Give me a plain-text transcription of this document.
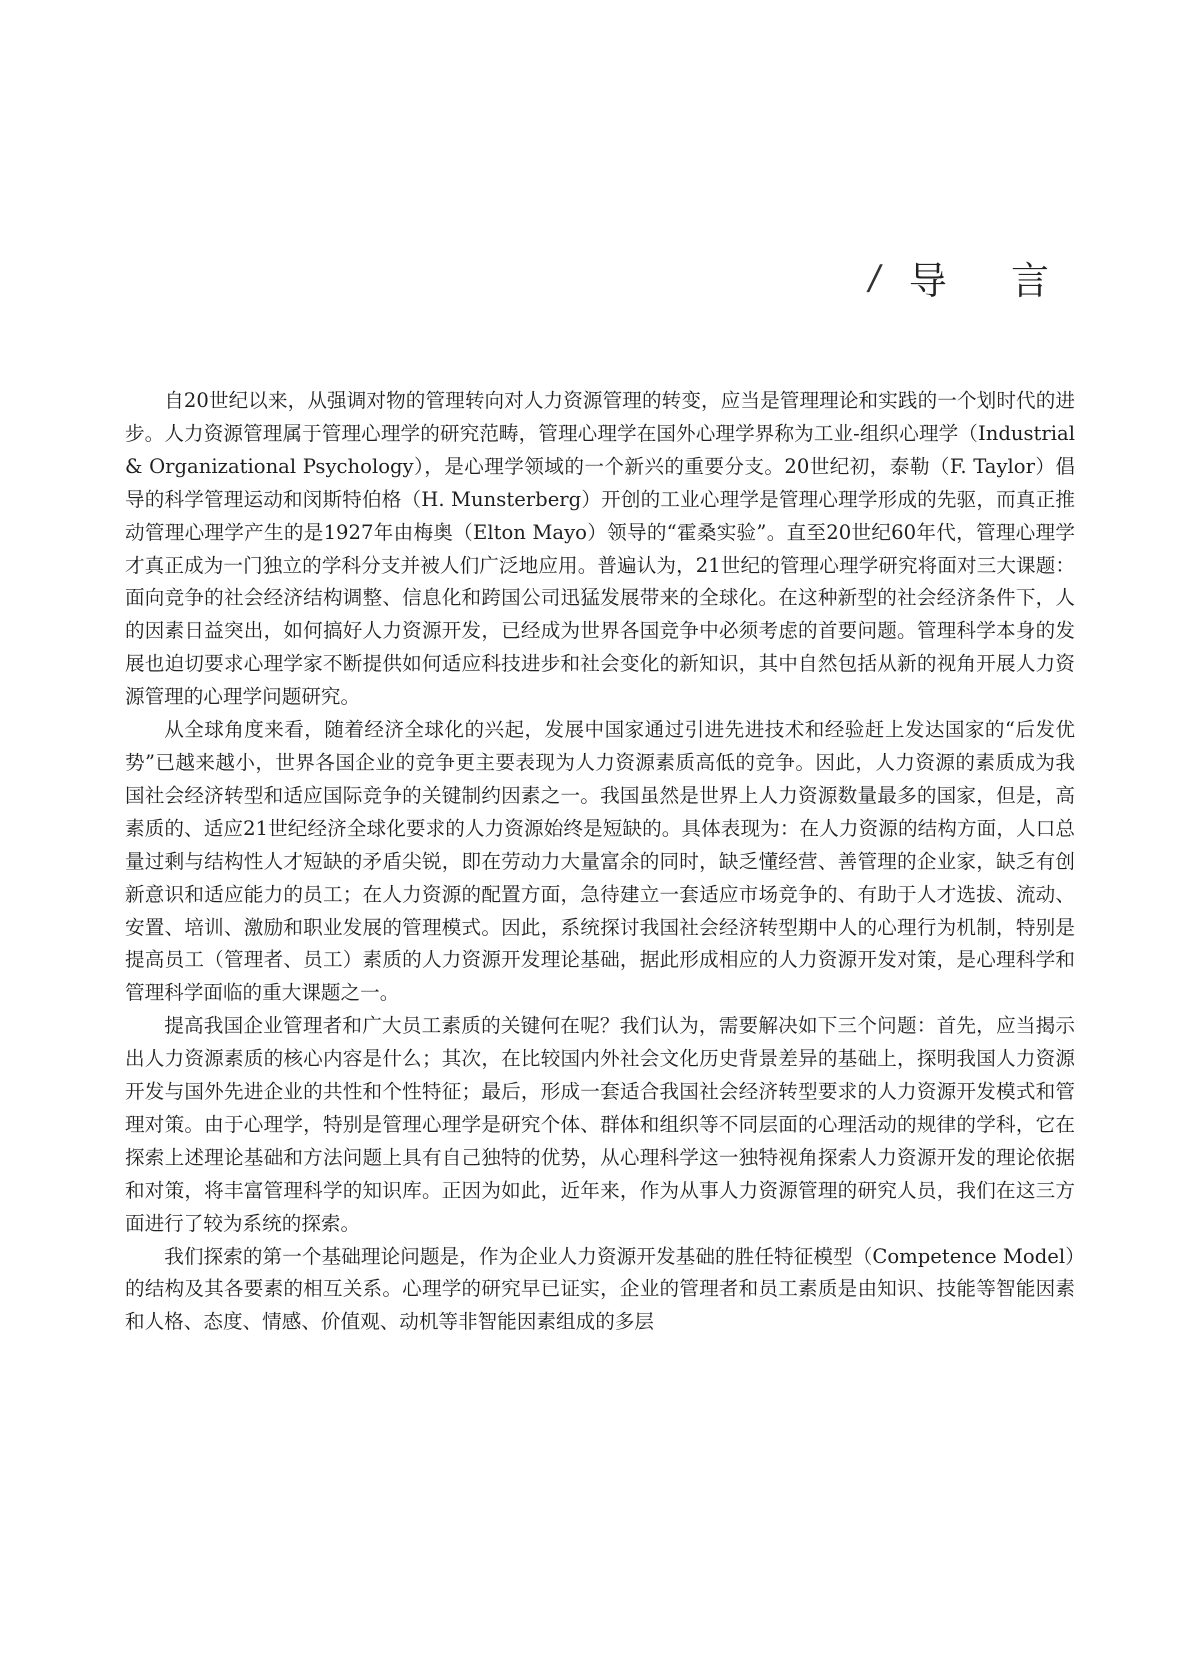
/ 导 言

自20世纪以来，从强调对物的管理转向对人力资源管理的转变，应当是管理理论和实践的一个划时代的进步。人力资源管理属于管理心理学的研究范畴，管理心理学在国外心理学界称为工业-组织心理学（Industrial & Organizational Psychology），是心理学领域的一个新兴的重要分支。20世纪初，泰勒（F. Taylor）倡导的科学管理运动和闵斯特伯格（H. Munsterberg）开创的工业心理学是管理心理学形成的先驱，而真正推动管理心理学产生的是1927年由梅奥（Elton Mayo）领导的“霍桑实验”。直至20世纪60年代，管理心理学才真正成为一门独立的学科分支并被人们广泛地应用。普遍认为，21世纪的管理心理学研究将面对三大课题：面向竞争的社会经济结构调整、信息化和跨国公司迅猛发展带来的全球化。在这种新型的社会经济条件下，人的因素日益突出，如何搞好人力资源开发，已经成为世界各国竞争中必须考虑的首要问题。管理科学本身的发展也迫切要求心理学家不断提供如何适应科技进步和社会变化的新知识，其中自然包括从新的视角开展人力资源管理的心理学问题研究。

从全球角度来看，随着经济全球化的兴起，发展中国家通过引进先进技术和经验赶上发达国家的“后发优势”已越来越小，世界各国企业的竞争更主要表现为人力资源素质高低的竞争。因此，人力资源的素质成为我国社会经济转型和适应国际竞争的关键制约因素之一。我国虽然是世界上人力资源数量最多的国家，但是，高素质的、适应21世纪经济全球化要求的人力资源始终是短缺的。具体表现为：在人力资源的结构方面，人口总量过剩与结构性人才短缺的矛盾尖锐，即在劳动力大量富余的同时，缺乏懂经营、善管理的企业家，缺乏有创新意识和适应能力的员工；在人力资源的配置方面，急待建立一套适应市场竞争的、有助于人才选拔、流动、安置、培训、激励和职业发展的管理模式。因此，系统探讨我国社会经济转型期中人的心理行为机制，特别是提高员工（管理者、员工）素质的人力资源开发理论基础，据此形成相应的人力资源开发对策，是心理科学和管理科学面临的重大课题之一。

提高我国企业管理者和广大员工素质的关键何在呢？我们认为，需要解决如下三个问题：首先，应当揭示出人力资源素质的核心内容是什么；其次，在比较国内外社会文化历史背景差异的基础上，探明我国人力资源开发与国外先进企业的共性和个性特征；最后，形成一套适合我国社会经济转型要求的人力资源开发模式和管理对策。由于心理学，特别是管理心理学是研究个体、群体和组织等不同层面的心理活动的规律的学科，它在探索上述理论基础和方法问题上具有自己独特的优势，从心理科学这一独特视角探索人力资源开发的理论依据和对策，将丰富管理科学的知识库。正因为如此，近年来，作为从事人力资源管理的研究人员，我们在这三方面进行了较为系统的探索。

我们探索的第一个基础理论问题是，作为企业人力资源开发基础的胜任特征模型（Competence Model）的结构及其各要素的相互关系。心理学的研究早已证实，企业的管理者和员工素质是由知识、技能等智能因素和人格、态度、情感、价值观、动机等非智能因素组成的多层
